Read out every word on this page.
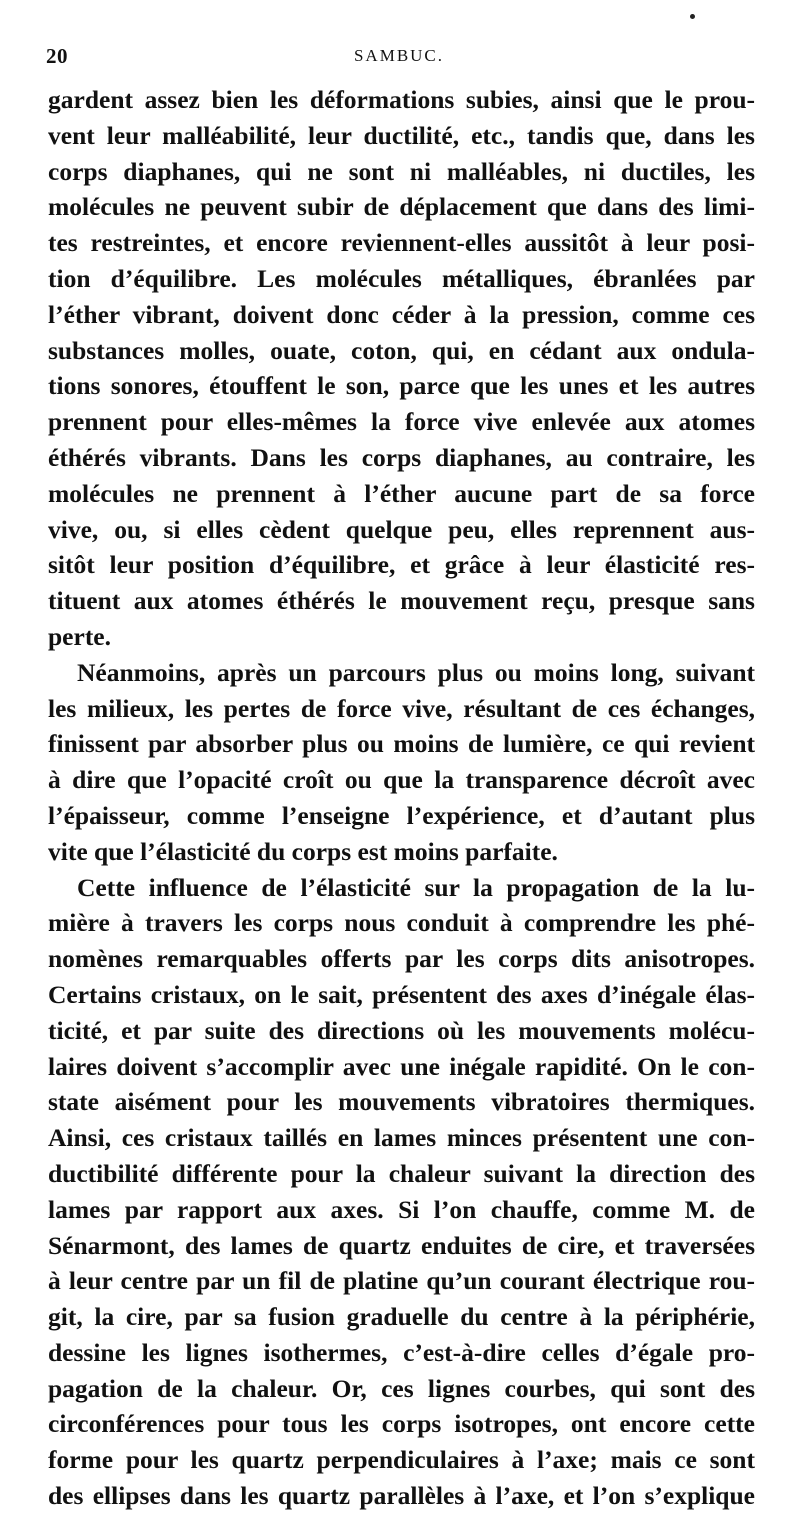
20	SAMBUC.
gardent assez bien les déformations subies, ainsi que le prou-
vent leur malléabilité, leur ductilité, etc., tandis que, dans les
corps diaphanes, qui ne sont ni malléables, ni ductiles, les
molécules ne peuvent subir de déplacement que dans des limi-
tes restreintes, et encore reviennent-elles aussitôt à leur posi-
tion d’équilibre. Les molécules métalliques, ébranlées par
l’éther vibrant, doivent donc céder à la pression, comme ces
substances molles, ouate, coton, qui, en cédant aux ondula-
tions sonores, étouffent le son, parce que les unes et les autres
prennent pour elles-mêmes la force vive enlevée aux atomes
éthérés vibrants. Dans les corps diaphanes, au contraire, les
molécules ne prennent à l’éther aucune part de sa force
vive, ou, si elles cèdent quelque peu, elles reprennent aus-
sitôt leur position d’équilibre, et grâce à leur élasticité res-
tituent aux atomes éthérés le mouvement reçu, presque sans
perte.
Néanmoins, après un parcours plus ou moins long, suivant
les milieux, les pertes de force vive, résultant de ces échanges,
finissent par absorber plus ou moins de lumière, ce qui revient
à dire que l’opacité croît ou que la transparence décroît avec
l’épaisseur, comme l’enseigne l’expérience, et d’autant plus
vite que l’élasticité du corps est moins parfaite.
Cette influence de l’élasticité sur la propagation de la lu-
mière à travers les corps nous conduit à comprendre les phé-
nomènes remarquables offerts par les corps dits anisotropes.
Certains cristaux, on le sait, présentent des axes d’inégale élas-
ticité, et par suite des directions où les mouvements molécu-
laires doivent s’accomplir avec une inégale rapidité. On le con-
state aisément pour les mouvements vibratoires thermiques.
Ainsi, ces cristaux taillés en lames minces présentent une con-
ductibilité différente pour la chaleur suivant la direction des
lames par rapport aux axes. Si l’on chauffe, comme M. de
Sénarmont, des lames de quartz enduites de cire, et traversées
à leur centre par un fil de platine qu’un courant électrique rou-
git, la cire, par sa fusion graduelle du centre à la périphérie,
dessine les lignes isothermes, c’est-à-dire celles d’égale pro-
pagation de la chaleur. Or, ces lignes courbes, qui sont des
circonférences pour tous les corps isotropes, ont encore cette
forme pour les quartz perpendiculaires à l’axe; mais ce sont
des ellipses dans les quartz parallèles à l’axe, et l’on s’explique
